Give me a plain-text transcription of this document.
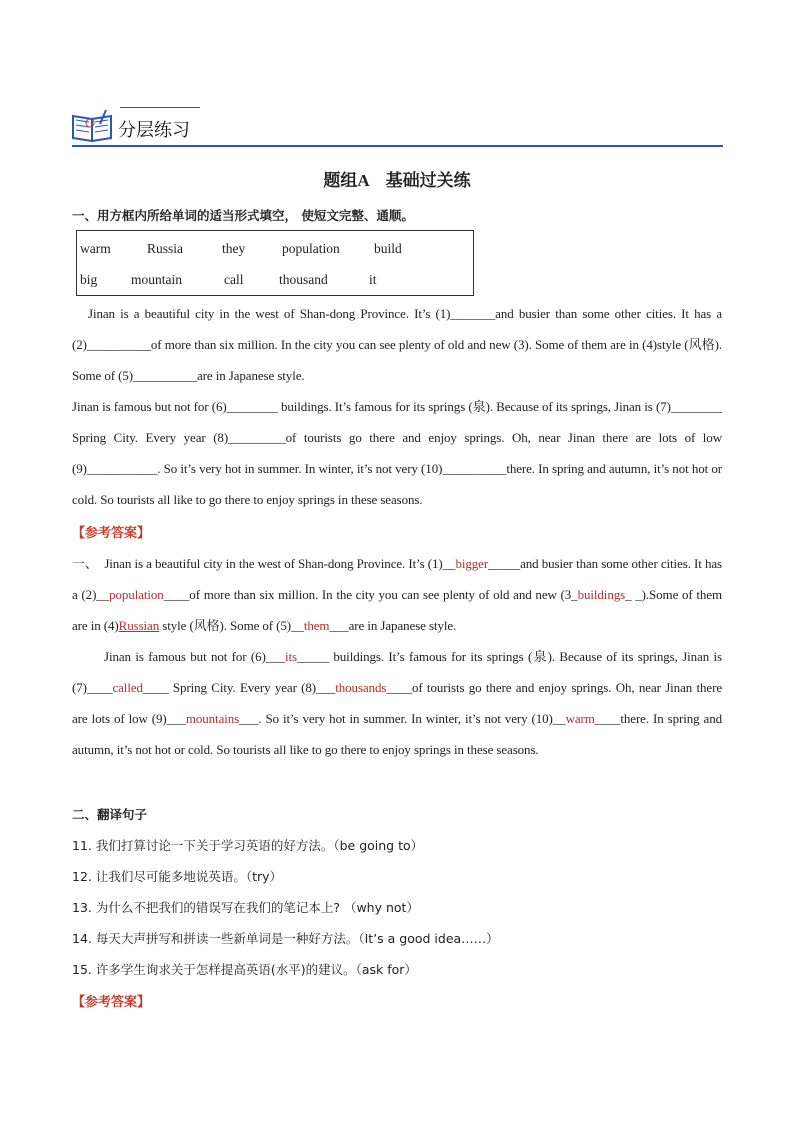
分层练习
题组A　基础过关练
一、用方框内所给单词的适当形式填空， 使短文完整、通顺。
warm	Russia	they	population	build
big mountain	call	thousand	it

Jinan is a beautiful city in the west of Shan-dong Province. It’s (1)_______and busier than some other cities. It has a (2)__________of more than six million. In the city you can see plenty of old and new (3). Some of them are in (4)style (风格). Some of (5)__________are in Japanese style.

Jinan is famous but not for (6)________ buildings. It’s famous for its springs (泉). Because of its springs, Jinan is (7)________ Spring City. Every year (8)_________of tourists go there and enjoy springs. Oh, near Jinan there are lots of low (9)___________. So it’s very hot in summer. In winter, it’s not very (10)__________there. In spring and autumn, it’s not hot or cold. So tourists all like to go there to enjoy springs in these seasons.

【参考答案】

一、　 Jinan is a beautiful city in the west of Shan-dong Province. It’s (1)__bigger_____and busier than some other cities. It has a (2)__population____of more than six million. In the city you can see plenty of old and new (3_buildings_ _).Some of them are in (4)Russian style (风格). Some of (5)__them___are in Japanese style.

Jinan is famous but not for (6)___its_____ buildings. It’s famous for its springs (泉). Because of its springs, Jinan is (7)____called____ Spring City. Every year (8)___thousands____of tourists go there and enjoy springs. Oh, near Jinan there are lots of low (9)___mountains___. So it’s very hot in summer. In winter, it’s not very (10)__warm____there. In spring and autumn, it’s not hot or cold. So tourists all like to go there to enjoy springs in these seasons.

二、翻译句子
11. 我们打算讨论一下关于学习英语的好方法。（be going to）
12. 让我们尽可能多地说英语。（try）
13. 为什么不把我们的错误写在我们的笔记本上? （why not）
14. 每天大声拼写和拼读一些新单词是一种好方法。（It’s a good idea……）
15. 许多学生询求关于怎样提高英语(水平)的建议。（ask for）
【参考答案】
